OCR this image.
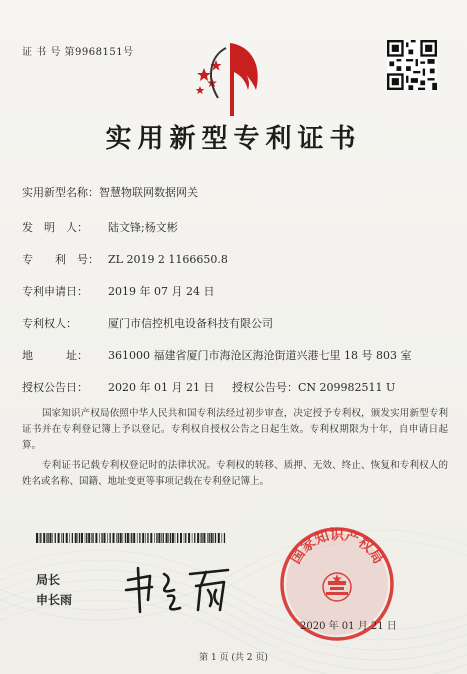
证 书 号 第9968151号
实用新型专利证书
实用新型名称：智慧物联网数据网关
发　明　人： 陆文锋;杨文彬
专　　利　号： ZL 2019 2 1166650.8
专利申请日： 2019 年 07 月 24 日
专利权人：	厦门市信控机电设备科技有限公司
地　　　址： 361000 福建省厦门市海沧区海沧街道兴港七里 18 号 803 室
授权公告日： 2020 年 01 月 21 日 授权公告号：CN 209982511 U
国家知识产权局依照中华人民共和国专利法经过初步审查，决定授予专利权，颁发实用新型专利证书并在专利登记簿上予以登记。专利权自授权公告之日起生效。专利权期限为十年，自申请日起算。
专利证书记载专利权登记时的法律状况。专利权的转移、质押、无效、终止、恢复和专利权人的姓名或名称、国籍、地址变更等事项记载在专利登记簿上。
局长
申长雨
国家知识产权局
2020 年 01 月 21 日
第 1 页 (共 2 页)
